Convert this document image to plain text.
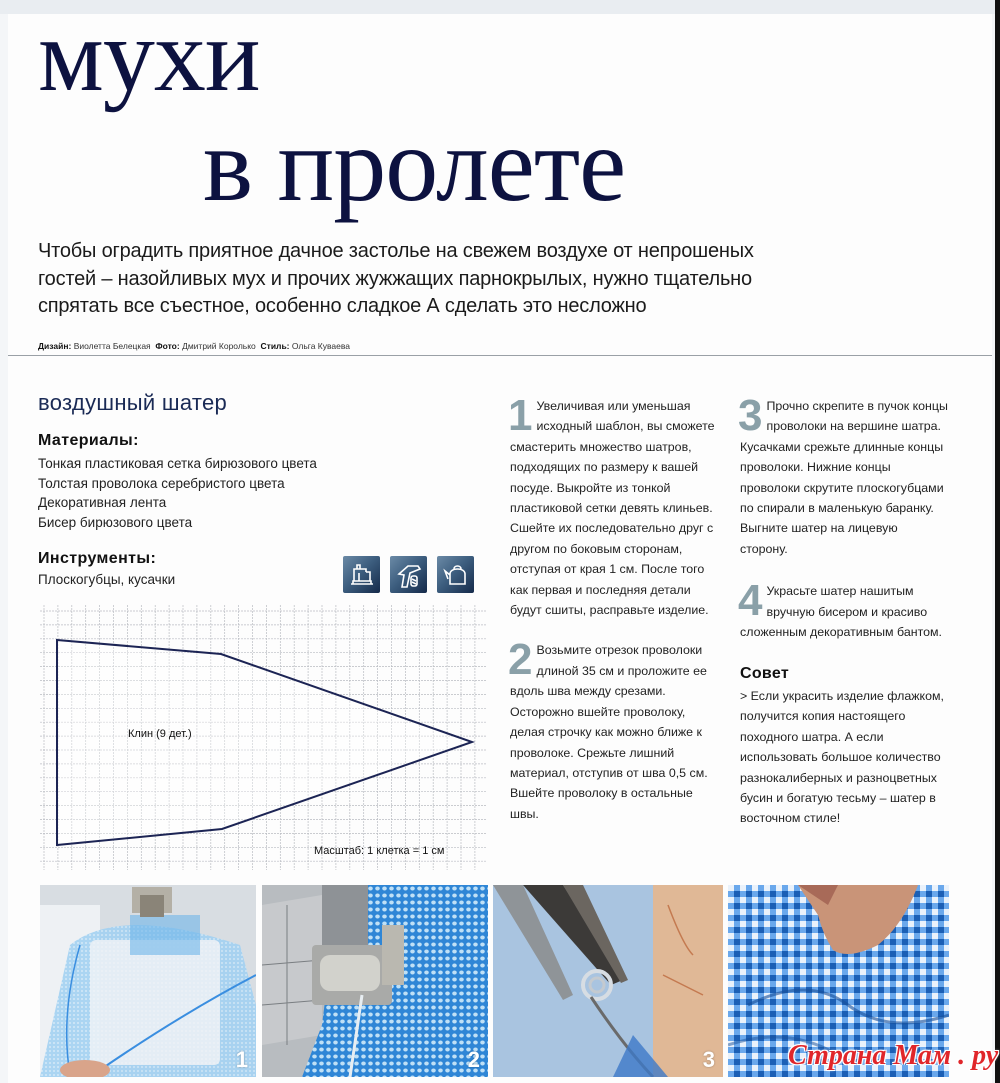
мухи
в пролете
Чтобы оградить приятное дачное застолье на свежем воздухе от непрошеных
гостей – назойливых мух и прочих жужжащих парнокрылых, нужно тщательно
спрятать все съестное, особенно сладкое А сделать это несложно
Дизайн: Виолетта Белецкая Фото: Дмитрий Королько Стиль: Ольга Куваева
воздушный шатер
Материалы:
Тонкая пластиковая сетка бирюзового цвета
Толстая проволока серебристого цвета
Декоративная лента
Бисер бирюзового цвета
Инструменты:
Плоскогубцы, кусачки
Клин (9 дет.)
Масштаб: 1 клетка = 1 см
1 Увеличивая или уменьшая исходный шаблон, вы сможете смастерить множество шатров, подходящих по размеру к вашей посуде. Выкройте из тонкой пластиковой сетки девять клиньев. Сшейте их последовательно друг с другом по боковым сторонам, отступая от края 1 см. После того как первая и последняя детали будут сшиты, расправьте изделие.

2 Возьмите отрезок проволоки длиной 35 см и проложите ее вдоль шва между срезами. Осторожно вшейте проволоку, делая строчку как можно ближе к проволоке. Срежьте лишний материал, отступив от шва 0,5 см. Вшейте проволоку в остальные швы.

3 Прочно скрепите в пучок концы проволоки на вершине шатра. Кусачками срежьте длинные концы проволоки. Нижние концы проволоки скрутите плоскогубцами по спирали в маленькую баранку. Выгните шатер на лицевую сторону.

4 Украсьте шатер нашитым вручную бисером и красиво сложенным декоративным бантом.

Совет

> Если украсить изделие флажком, получится копия настоящего походного шатра. А если использовать большое количество разнокалиберных и разноцветных бусин и богатую тесьму – шатер в восточном стиле!

1	2	3	Страна Мам . ру
